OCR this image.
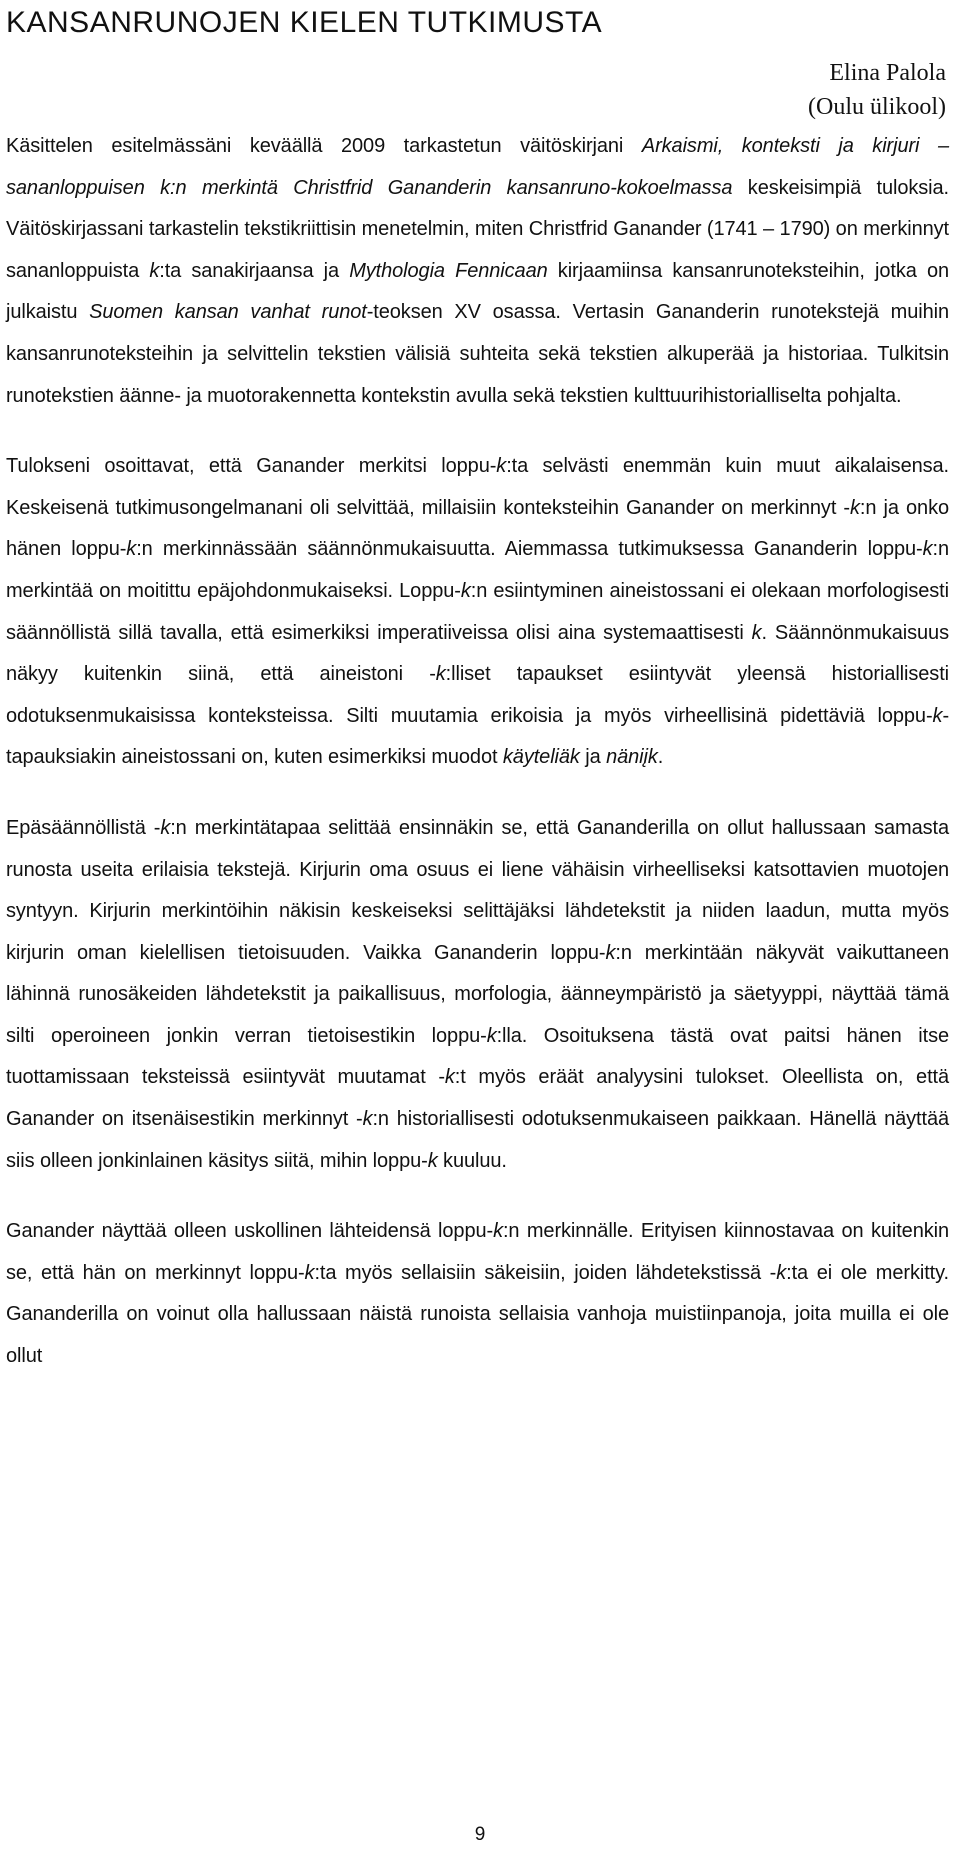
KANSANRUNOJEN KIELEN TUTKIMUSTA
Elina Palola
(Oulu ülikool)

Käsittelen esitelmässäni keväällä 2009 tarkastetun väitöskirjani Arkaismi, konteksti ja kirjuri – sananloppuisen k:n merkintä Christfrid Gananderin kansanruno-kokoelmassa keskeisimpiä tuloksia. Väitöskirjassani tarkastelin tekstikriittisin menetelmin, miten Christfrid Ganander (1741 – 1790) on merkinnyt sananloppuista k:ta sanakirjaansa ja Mythologia Fennicaan kirjaamiinsa kansanrunoteksteihin, jotka on julkaistu Suomen kansan vanhat runot-teoksen XV osassa. Vertasin Gananderin runotekstejä muihin kansanrunoteksteihin ja selvittelin tekstien välisiä suhteita sekä tekstien alkuperää ja historiaa. Tulkitsin runotekstien äänne- ja muotorakennetta kontekstin avulla sekä tekstien kulttuurihistorialliselta pohjalta.

Tulokseni osoittavat, että Ganander merkitsi loppu-k:ta selvästi enemmän kuin muut aikalaisensa. Keskeisenä tutkimusongelmanani oli selvittää, millaisiin konteksteihin Ganander on merkinnyt -k:n ja onko hänen loppu-k:n merkinnässään säännönmukaisuutta. Aiemmassa tutkimuksessa Gananderin loppu-k:n merkintää on moitittu epäjohdonmukaiseksi. Loppu-k:n esiintyminen aineistossani ei olekaan morfologisesti säännöllistä sillä tavalla, että esimerkiksi imperatiiveissa olisi aina systemaattisesti k. Säännönmukaisuus näkyy kuitenkin siinä, että aineistoni -k:lliset tapaukset esiintyvät yleensä historiallisesti odotuksenmukaisissa konteksteissa. Silti muutamia erikoisia ja myös virheellisinä pidettäviä loppu-k-tapauksiakin aineistossani on, kuten esimerkiksi muodot käyteliäk ja näniįk.

Epäsäännöllistä -k:n merkintätapaa selittää ensinnäkin se, että Gananderilla on ollut hallussaan samasta runosta useita erilaisia tekstejä. Kirjurin oma osuus ei liene vähäisin virheelliseksi katsottavien muotojen syntyyn. Kirjurin merkintöihin näkisin keskeiseksi selittäjäksi lähdetekstit ja niiden laadun, mutta myös kirjurin oman kielellisen tietoisuuden. Vaikka Gananderin loppu-k:n merkintään näkyvät vaikuttaneen lähinnä runosäkeiden lähdetekstit ja paikallisuus, morfologia, äänneympäristö ja säetyyppi, näyttää tämä silti operoineen jonkin verran tietoisestikin loppu-k:lla. Osoituksena tästä ovat paitsi hänen itse tuottamissaan teksteissä esiintyvät muutamat -k:t myös eräät analyysini tulokset. Oleellista on, että Ganander on itsenäisestikin merkinnyt -k:n historiallisesti odotuksenmukaiseen paikkaan. Hänellä näyttää siis olleen jonkinlainen käsitys siitä, mihin loppu-k kuuluu.

Ganander näyttää olleen uskollinen lähteidensä loppu-k:n merkinnälle. Erityisen kiinnostavaa on kuitenkin se, että hän on merkinnyt loppu-k:ta myös sellaisiin säkeisiin, joiden lähdetekstissä -k:ta ei ole merkitty. Gananderilla on voinut olla hallussaan näistä runoista sellaisia vanhoja muistiinpanoja, joita muilla ei ole ollut

9
